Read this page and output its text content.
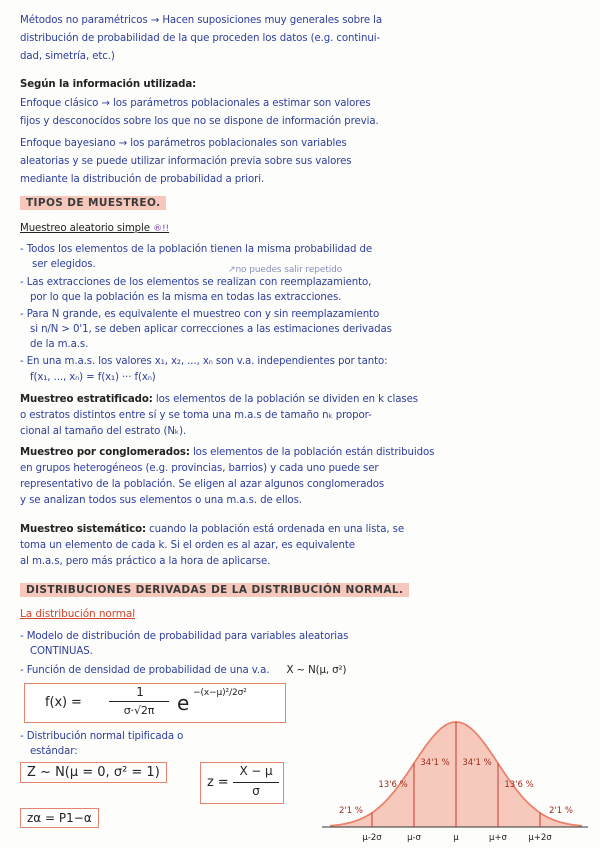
Métodos no paramétricos → Hacen suposiciones muy generales sobre la
distribución de probabilidad de la que proceden los datos (e.g. continui-
dad, simetría, etc.)
Según la información utilizada:
Enfoque clásico → los parámetros poblacionales a estimar son valores
fijos y desconocidos sobre los que no se dispone de información previa.
Enfoque bayesiano → los parámetros poblacionales son variables
aleatorias y se puede utilizar información previa sobre sus valores
mediante la distribución de probabilidad a priori.
TIPOS DE MUESTREO.
Muestreo aleatorio simple ®!!
- Todos los elementos de la población tienen la misma probabilidad de
ser elegidos.	↗no puedes salir repetido
- Las extracciones de los elementos se realizan con reemplazamiento,
por lo que la población es la misma en todas las extracciones.
- Para N grande, es equivalente el muestreo con y sin reemplazamiento
si n/N > 0'1, se deben aplicar correcciones a las estimaciones derivadas
de la m.a.s.
- En una m.a.s. los valores x₁, x₂, ..., xₙ son v.a. independientes por tanto:
f(x₁, ..., xₙ) = f(x₁) ··· f(xₙ)
Muestreo estratificado: los elementos de la población se dividen en k clases
o estratos distintos entre sí y se toma una m.a.s de tamaño nₖ propor-
cional al tamaño del estrato (Nₖ).
Muestreo por conglomerados: los elementos de la población están distribuidos
en grupos heterogéneos (e.g. provincias, barrios) y cada uno puede ser
representativo de la población. Se eligen al azar algunos conglomerados
y se analizan todos sus elementos o una m.a.s. de ellos.
Muestreo sistemático: cuando la población está ordenada en una lista, se
toma un elemento de cada k. Si el orden es al azar, es equivalente
al m.a.s, pero más práctico a la hora de aplicarse.
DISTRIBUCIONES DERIVADAS DE LA DISTRIBUCIÓN NORMAL.
La distribución normal
- Modelo de distribución de probabilidad para variables aleatorias
CONTINUAS.
- Función de densidad de probabilidad de una v.a. X ~ N(μ, σ²)
f(x) =
1
σ·√2π	e −(x−μ)²/2σ²
- Distribución normal tipificada o
estándar:
Z ~ N(μ = 0, σ² = 1)
z =
X − μ
σ
zα = P1−α	2'1 %
13'6 %
34'1 % 34'1 %
13'6 %
2'1 %
μ-2σ	μ-σ	μ	μ+σ	μ+2σ
